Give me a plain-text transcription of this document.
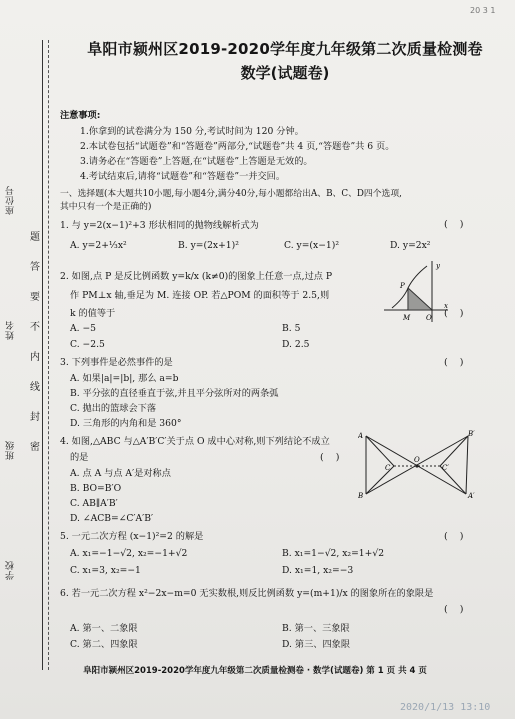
20 3 1
座位号
姓名
班级
学校
题
答
要
不
内
线
封
密
阜阳市颍州区2019-2020学年度九年级第二次质量检测卷
数学(试题卷)
注意事项:
1.你拿到的试卷满分为 150 分,考试时间为 120 分钟。
2.本试卷包括“试题卷”和“答题卷”两部分,“试题卷”共 4 页,“答题卷”共 6 页。
3.请务必在“答题卷”上答题,在“试题卷”上答题是无效的。
4.考试结束后,请将“试题卷”和“答题卷”一并交回。
一、选择题(本大题共10小题,每小题4分,满分40分,每小题都给出A、B、C、D四个选项,
其中只有一个是正确的)
1. 与 y=2(x−1)²+3 形状相同的抛物线解析式为	(    )
A. y=2+⅓x²	B. y=(2x+1)²	C. y=(x−1)²	D. y=2x²
2. 如图,点 P 是反比例函数 y=k/x (k≠0)的图象上任意一点,过点 P
作 PM⊥x 轴,垂足为 M. 连接 OP. 若△POM 的面积等于 2.5,则
k 的值等于	(    )
A. −5	B. 5
C. −2.5	D. 2.5
y
x
P
M O
3. 下列事件是必然事件的是	(    )
A. 如果|a|=|b|, 那么 a=b
B. 平分弦的直径垂直于弦,并且平分弦所对的两条弧
C. 抛出的篮球会下落
D. 三角形的内角和是 360°
4. 如图,△ABC 与△A′B′C′关于点 O 成中心对称,则下列结论不成立
的是	(    )
A. 点 A 与点 A′是对称点
B. BO=B′O
C. AB∥A′B′
D. ∠ACB=∠C′A′B′
A
B
C
O
C′
A′
B′
5. 一元二次方程 (x−1)²=2 的解是	(    )
A. x₁=−1−√2, x₂=−1+√2	B. x₁=1−√2, x₂=1+√2
C. x₁=3, x₂=−1	D. x₁=1, x₂=−3
6. 若一元二次方程 x²−2x−m=0 无实数根,则反比例函数 y=(m+1)/x 的图象所在的象限是
(    )
A. 第一、二象限	B. 第一、三象限
C. 第二、四象限	D. 第三、四象限
阜阳市颍州区2019-2020学年度九年级第二次质量检测卷 · 数学(试题卷) 第 1 页 共 4 页
2020/1/13 13:10
